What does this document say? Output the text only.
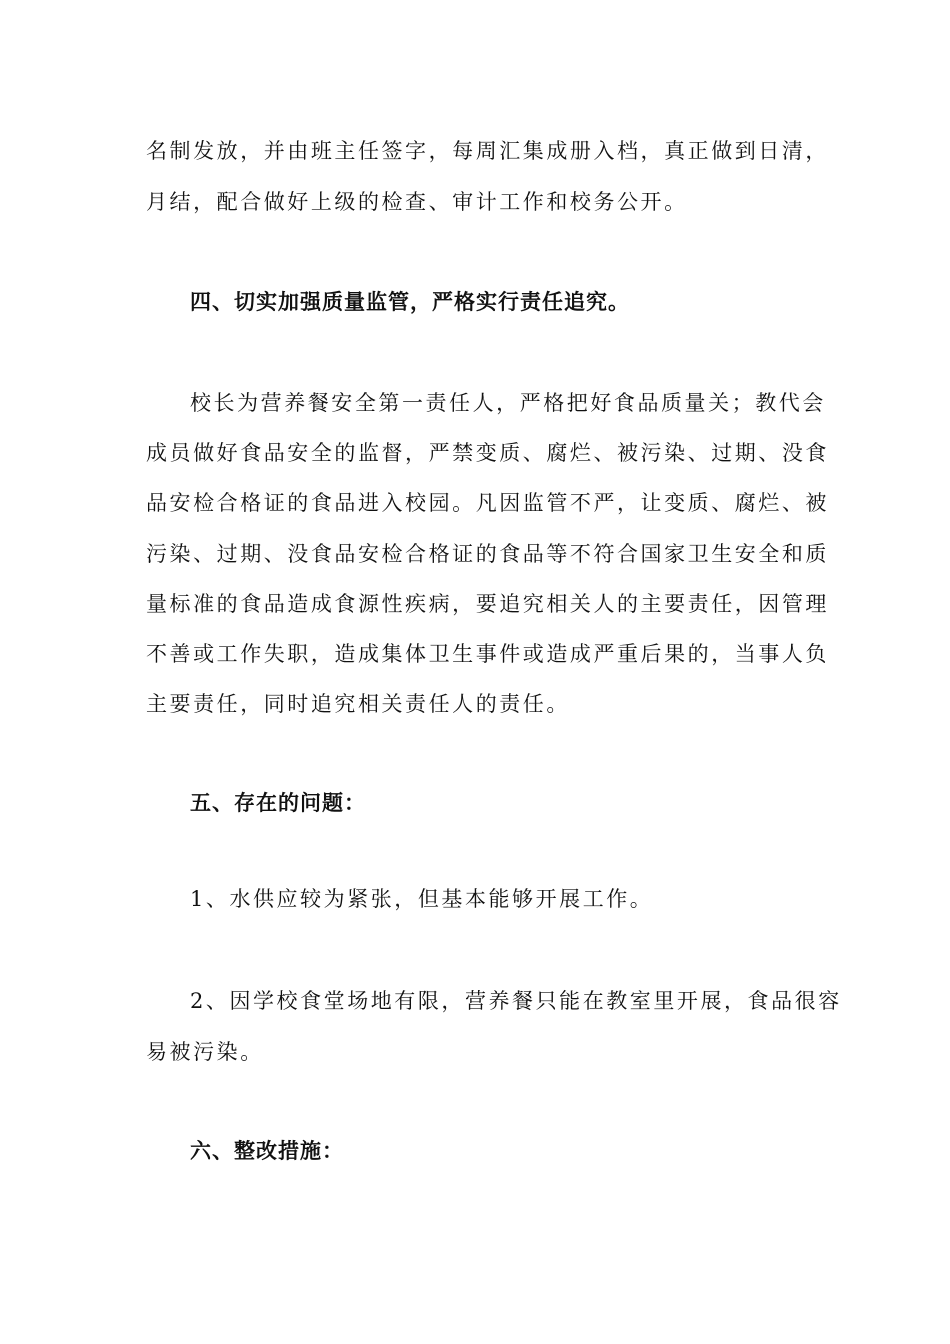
名制发放，并由班主任签字，每周汇集成册入档，真正做到日清，
月结，配合做好上级的检查、审计工作和校务公开。
四、切实加强质量监管，严格实行责任追究。
校长为营养餐安全第一责任人，严格把好食品质量关；教代会
成员做好食品安全的监督，严禁变质、腐烂、被污染、过期、没食
品安检合格证的食品进入校园。凡因监管不严，让变质、腐烂、被
污染、过期、没食品安检合格证的食品等不符合国家卫生安全和质
量标准的食品造成食源性疾病，要追究相关人的主要责任，因管理
不善或工作失职，造成集体卫生事件或造成严重后果的，当事人负
主要责任，同时追究相关责任人的责任。
五、存在的问题：
1、水供应较为紧张，但基本能够开展工作。
2、因学校食堂场地有限，营养餐只能在教室里开展，食品很容
易被污染。
六、整改措施：
